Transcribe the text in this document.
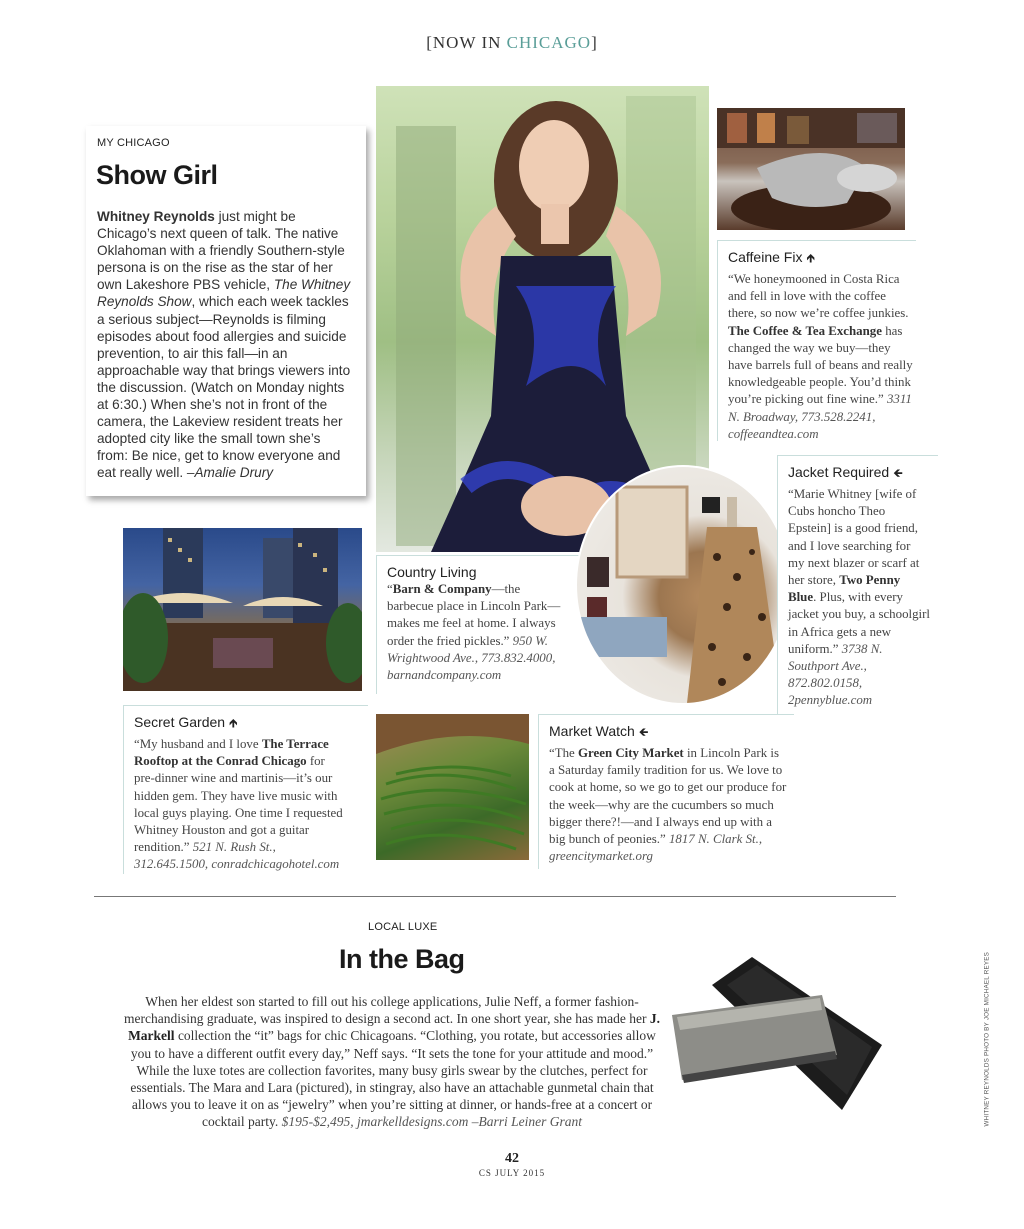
[NOW IN CHICAGO]
MY CHICAGO
Show Girl

Whitney Reynolds just might be Chicago’s next queen of talk. The native Oklahoman with a friendly Southern-style persona is on the rise as the star of her own Lakeshore PBS vehicle, The Whitney Reynolds Show, which each week tackles a serious subject—Reynolds is filming episodes about food allergies and suicide prevention, to air this fall—in an approachable way that brings viewers into the discussion. (Watch on Monday nights at 6:30.) When she’s not in front of the camera, the Lakeview resident treats her adopted city like the small town she’s from: Be nice, get to know everyone and eat really well. –Amalie Drury

Caffeine Fix 🡹
“We honeymooned in Costa Rica and fell in love with the coffee there, so now we’re coffee junkies. The Coffee & Tea Exchange has changed the way we buy—they have barrels full of beans and really knowledgeable people. You’d think you’re picking out fine wine.” 3311 N. Broadway, 773.528.2241, coffeeandtea.com
Country Living
“Barn & Company—the barbecue place in Lincoln Park—makes me feel at home. I always order the fried pickles.” 950 W. Wrightwood Ave., 773.832.4000, barnandcompany.com
Jacket Required 🡸
“Marie Whitney [wife of Cubs honcho Theo Epstein] is a good friend, and I love searching for my next blazer or scarf at her store, Two Penny Blue. Plus, with every jacket you buy, a schoolgirl in Africa gets a new uniform.” 3738 N. Southport Ave., 872.802.0158, 2pennyblue.com
Secret Garden 🡹
“My husband and I love The Terrace Rooftop at the Conrad Chicago for pre-dinner wine and martinis—it’s our hidden gem. They have live music with local guys playing. One time I requested Whitney Houston and got a guitar rendition.” 521 N. Rush St., 312.645.1500, conradchicagohotel.com
Market Watch 🡸
“The Green City Market in Lincoln Park is a Saturday family tradition for us. We love to cook at home, so we go to get our produce for the week—why are the cucumbers so much bigger there?!—and I always end up with a big bunch of peonies.” 1817 N. Clark St., greencitymarket.org
LOCAL LUXE
In the Bag
When her eldest son started to fill out his college applications, Julie Neff, a former fashion-merchandising graduate, was inspired to design a second act. In one short year, she has made her J. Markell collection the “it” bags for chic Chicagoans. “Clothing, you rotate, but accessories allow you to have a different outfit every day,” Neff says. “It sets the tone for your attitude and mood.” While the luxe totes are collection favorites, many busy girls swear by the clutches, perfect for essentials. The Mara and Lara (pictured), in stingray, also have an attachable gunmetal chain that allows you to leave it on as “jewelry” when you’re sitting at dinner, or hands-free at a concert or cocktail party. $195-$2,495, jmarkelldesigns.com –Barri Leiner Grant	WHITNEY REYNOLDS PHOTO BY JOE MICHAEL REYES
42
CS JULY 2015
